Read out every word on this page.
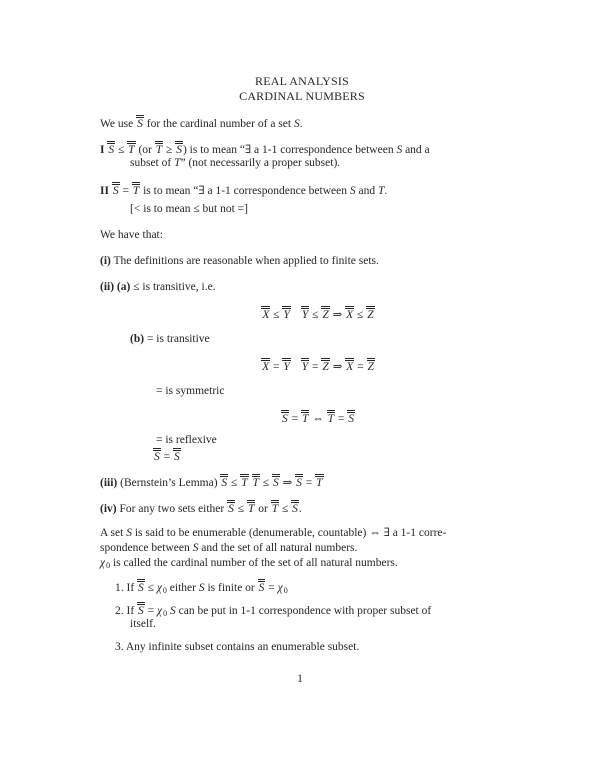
REAL ANALYSIS
CARDINAL NUMBERS
We use S for the cardinal number of a set S.
I S ≤ T (or T ≥ S) is to mean “∃ a 1-1 correspondence between S and a
subset of T” (not necessarily a proper subset).
II S = T is to mean “∃ a 1-1 correspondence between S and T.
[< is to mean ≤ but not =]
We have that:
(i) The definitions are reasonable when applied to finite sets.
(ii) (a) ≤ is transitive, i.e.
X ≤ Y Y ≤ Z ⇒ X ≤ Z
(b) = is transitive
X = Y Y = Z ⇒ X = Z
= is symmetric
S = T ⇔ T = S
= is reflexive
S = S
(iii) (Bernstein’s Lemma) S ≤ T T ≤ S ⇒ S = T
(iv) For any two sets either S ≤ T or T ≤ S.
A set S is said to be enumerable (denumerable, countable) ⇔ ∃ a 1-1 corre-
spondence between S and the set of all natural numbers.
χ0 is called the cardinal number of the set of all natural numbers.
1. If S ≤ χ0 either S is finite or S = χ0
2. If S = χ0 S can be put in 1-1 correspondence with proper subset of
itself.
3. Any infinite subset contains an enumerable subset.
1
